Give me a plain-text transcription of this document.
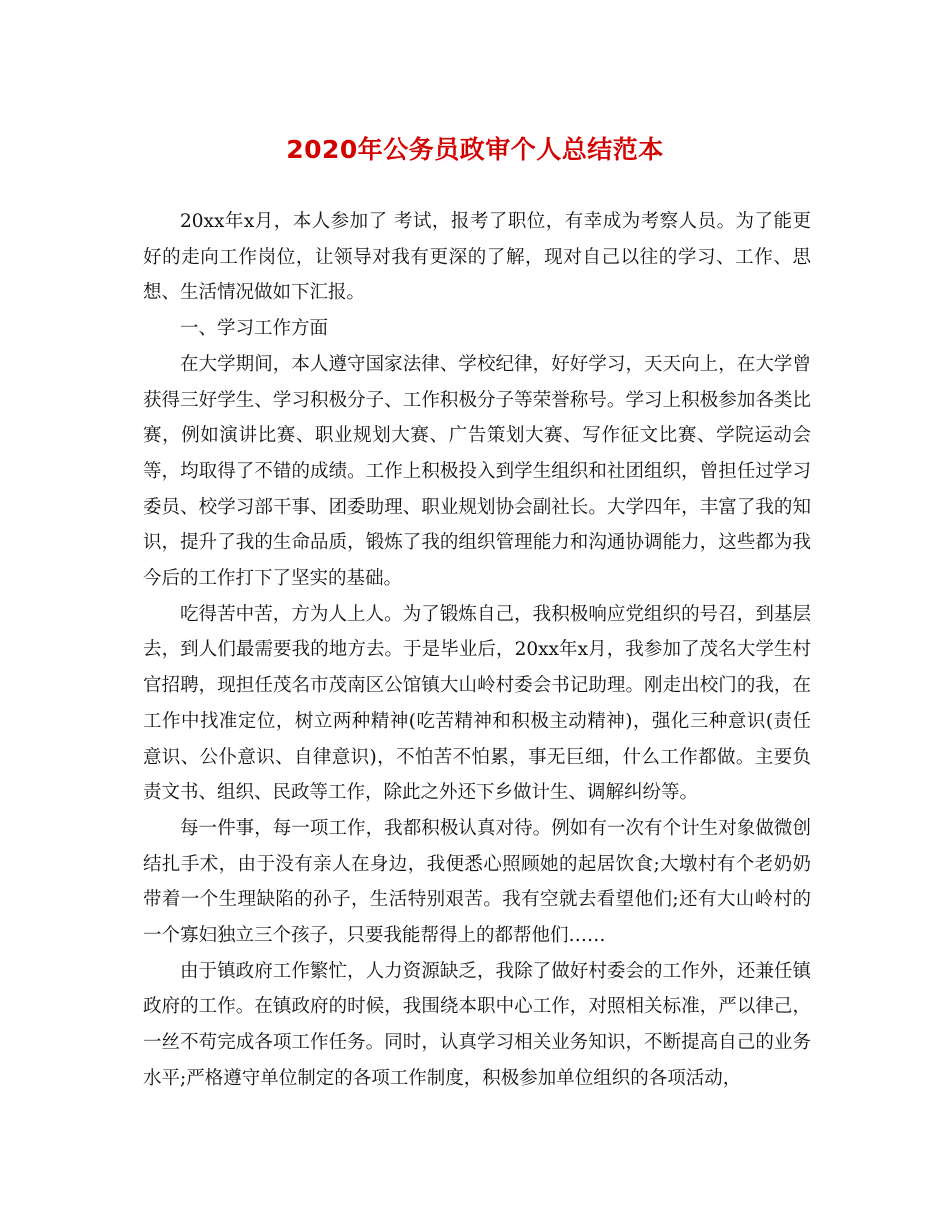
2020年公务员政审个人总结范本

20xx年x月，本人参加了 考试，报考了职位，有幸成为考察人员。为了能更好的走向工作岗位，让领导对我有更深的了解，现对自己以往的学习、工作、思想、生活情况做如下汇报。

一、学习工作方面

在大学期间，本人遵守国家法律、学校纪律，好好学习，天天向上，在大学曾获得三好学生、学习积极分子、工作积极分子等荣誉称号。学习上积极参加各类比赛，例如演讲比赛、职业规划大赛、广告策划大赛、写作征文比赛、学院运动会等，均取得了不错的成绩。工作上积极投入到学生组织和社团组织，曾担任过学习委员、校学习部干事、团委助理、职业规划协会副社长。大学四年，丰富了我的知识，提升了我的生命品质，锻炼了我的组织管理能力和沟通协调能力，这些都为我今后的工作打下了坚实的基础。

吃得苦中苦，方为人上人。为了锻炼自己，我积极响应党组织的号召，到基层去，到人们最需要我的地方去。于是毕业后，20xx年x月，我参加了茂名大学生村官招聘，现担任茂名市茂南区公馆镇大山岭村委会书记助理。刚走出校门的我，在工作中找准定位，树立两种精神(吃苦精神和积极主动精神)，强化三种意识(责任意识、公仆意识、自律意识)，不怕苦不怕累，事无巨细，什么工作都做。主要负责文书、组织、民政等工作，除此之外还下乡做计生、调解纠纷等。

每一件事，每一项工作，我都积极认真对待。例如有一次有个计生对象做微创结扎手术，由于没有亲人在身边，我便悉心照顾她的起居饮食;大墩村有个老奶奶带着一个生理缺陷的孙子，生活特别艰苦。我有空就去看望他们;还有大山岭村的一个寡妇独立三个孩子，只要我能帮得上的都帮他们……

由于镇政府工作繁忙，人力资源缺乏，我除了做好村委会的工作外，还兼任镇政府的工作。在镇政府的时候，我围绕本职中心工作，对照相关标准，严以律己，一丝不苟完成各项工作任务。同时，认真学习相关业务知识，不断提高自己的业务水平;严格遵守单位制定的各项工作制度，积极参加单位组织的各项活动，
